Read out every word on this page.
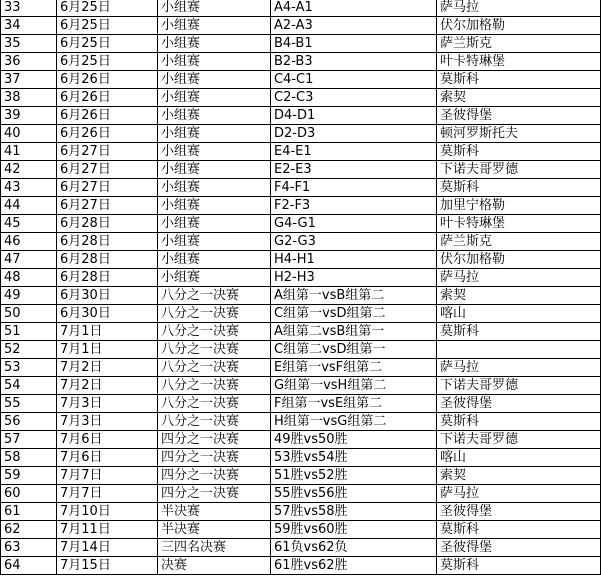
33	6月25日	小组赛	A4-A1	萨马拉
34	6月25日	小组赛	A2-A3	伏尔加格勒
35	6月25日	小组赛	B4-B1	萨兰斯克
36	6月25日	小组赛	B2-B3	叶卡特琳堡
37	6月26日	小组赛	C4-C1	莫斯科
38	6月26日	小组赛	C2-C3	索契
39	6月26日	小组赛	D4-D1	圣彼得堡
40	6月26日	小组赛	D2-D3	顿河罗斯托夫
41	6月27日	小组赛	E4-E1	莫斯科
42	6月27日	小组赛	E2-E3	下诺夫哥罗德
43	6月27日	小组赛	F4-F1	莫斯科
44	6月27日	小组赛	F2-F3	加里宁格勒
45	6月28日	小组赛	G4-G1	叶卡特琳堡
46	6月28日	小组赛	G2-G3	萨兰斯克
47	6月28日	小组赛	H4-H1	伏尔加格勒
48	6月28日	小组赛	H2-H3	萨马拉
49	6月30日	八分之一决赛	A组第一vsB组第二	索契
50	6月30日	八分之一决赛	C组第一vsD组第二	喀山
51	7月1日	八分之一决赛	A组第二vsB组第一	莫斯科
52	7月1日	八分之一决赛	C组第二vsD组第一	
53	7月2日	八分之一决赛	E组第一vsF组第二	萨马拉
54	7月2日	八分之一决赛	G组第一vsH组第二	下诺夫哥罗德
55	7月3日	八分之一决赛	F组第一vsE组第二	圣彼得堡
56	7月3日	八分之一决赛	H组第一vsG组第二	莫斯科
57	7月6日	四分之一决赛	49胜vs50胜	下诺夫哥罗德
58	7月6日	四分之一决赛	53胜vs54胜	喀山
59	7月7日	四分之一决赛	51胜vs52胜	索契
60	7月7日	四分之一决赛	55胜vs56胜	萨马拉
61	7月10日	半决赛	57胜vs58胜	圣彼得堡
62	7月11日	半决赛	59胜vs60胜	莫斯科
63	7月14日	三四名决赛	61负vs62负	圣彼得堡
64	7月15日	决赛	61胜vs62胜	莫斯科
